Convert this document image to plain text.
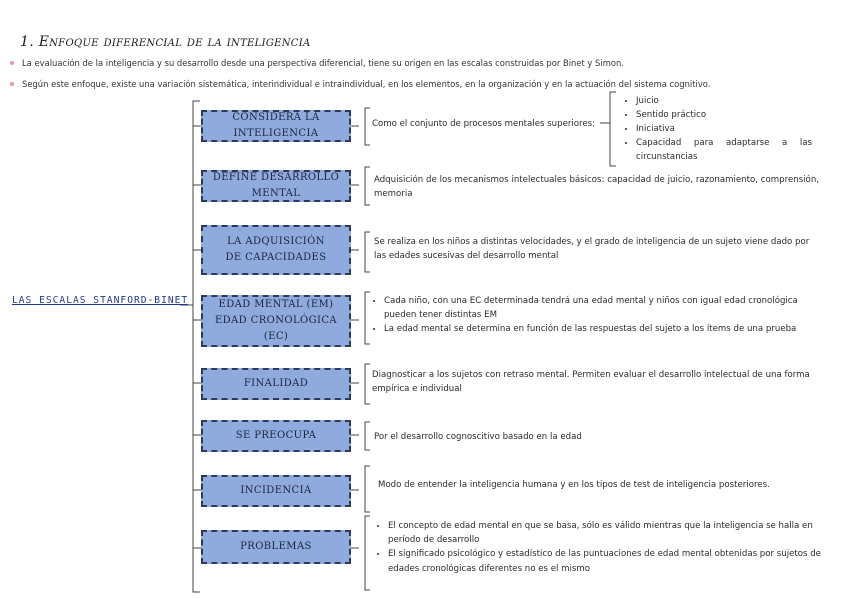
1. Enfoque diferencial de la inteligencia
La evaluación de la inteligencia y su desarrollo desde una perspectiva diferencial, tiene su origen en las escalas construidas por Binet y Simon.
Según este enfoque, existe una variación sistemática, interindividual e intraindividual, en los elementos, en la organización y en la actuación del sistema cognitivo.
LAS ESCALAS STANFORD-BINET
CONSIDERA LA INTELIGENCIA
DEFINE DESARROLLO MENTAL
LA ADQUISICIÓN DE CAPACIDADES
EDAD MENTAL (EM)
EDAD CRONOLÓGICA (EC)
FINALIDAD
SE PREOCUPA
INCIDENCIA
PROBLEMAS
Como el conjunto de procesos mentales superiores:
• Juicio
• Sentido práctico
• Iniciativa
• Capacidad para adaptarse a las circunstancias
Adquisición de los mecanismos intelectuales básicos: capacidad de juicio, razonamiento, comprensión, memoria
Se realiza en los niños a distintas velocidades, y el grado de inteligencia de un sujeto viene dado por las edades sucesivas del desarrollo mental
• Cada niño, con una EC determinada tendrá una edad mental y niños con igual edad cronológica pueden tener distintas EM
• La edad mental se determina en función de las respuestas del sujeto a los ítems de una prueba
Diagnosticar a los sujetos con retraso mental. Permiten evaluar el desarrollo intelectual de una forma empírica e individual
Por el desarrollo cognoscitivo basado en la edad
Modo de entender la inteligencia humana y en los tipos de test de inteligencia posteriores.
• El concepto de edad mental en que se basa, sólo es válido mientras que la inteligencia se halla en período de desarrollo
• El significado psicológico y estadístico de las puntuaciones de edad mental obtenidas por sujetos de edades cronológicas diferentes no es el mismo
